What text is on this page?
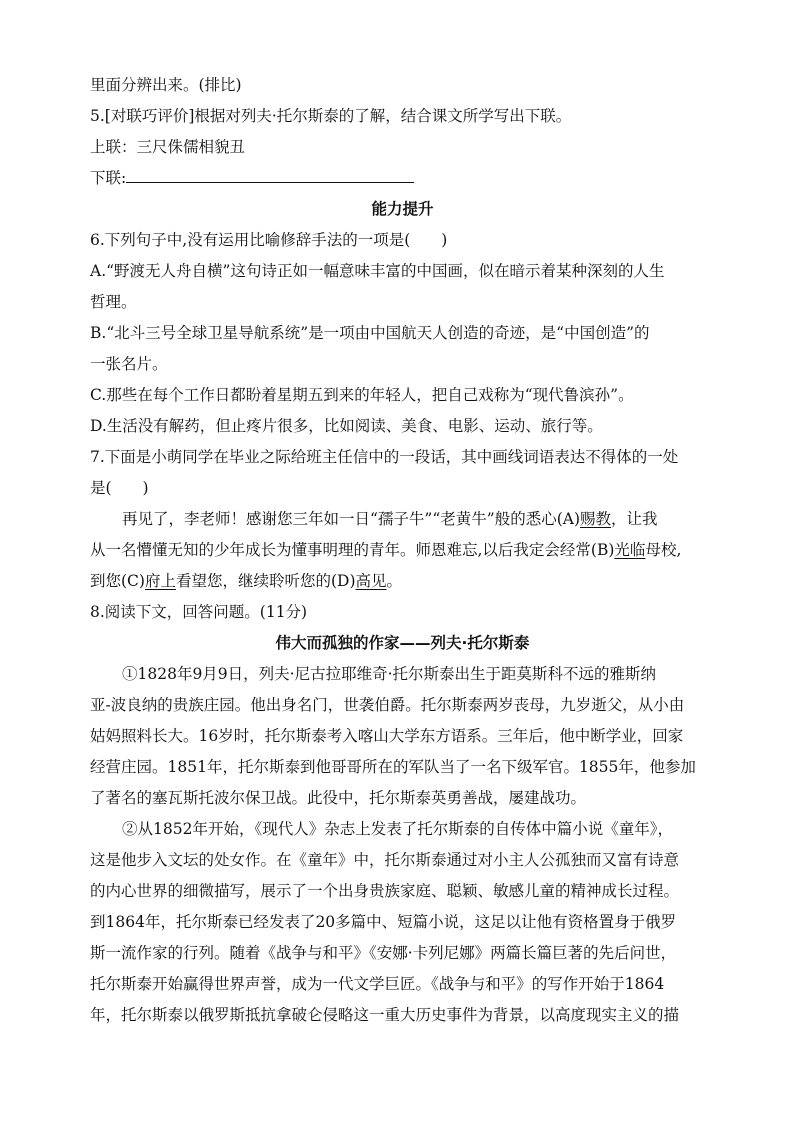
里面分辨出来。(排比)
5.[对联巧评价]根据对列夫·托尔斯泰的了解，结合课文所学写出下联。
上联：三尺侏儒相貌丑
下联:
能力提升
6.下列句子中,没有运用比喻修辞手法的一项是(　　)
A.“野渡无人舟自横”这句诗正如一幅意味丰富的中国画，似在暗示着某种深刻的人生
哲理。
B.“北斗三号全球卫星导航系统”是一项由中国航天人创造的奇迹，是“中国创造”的
一张名片。
C.那些在每个工作日都盼着星期五到来的年轻人，把自己戏称为“现代鲁滨孙”。
D.生活没有解药，但止疼片很多，比如阅读、美食、电影、运动、旅行等。
7.下面是小萌同学在毕业之际给班主任信中的一段话，其中画线词语表达不得体的一处
是(　　)
再见了，李老师！感谢您三年如一日“孺子牛”“老黄牛”般的悉心(A)赐教，让我
从一名懵懂无知的少年成长为懂事明理的青年。师恩难忘,以后我定会经常(B)光临母校,
到您(C)府上看望您，继续聆听您的(D)高见。
8.阅读下文，回答问题。(11分)
伟大而孤独的作家——列夫·托尔斯泰
①1828年9月9日，列夫·尼古拉耶维奇·托尔斯泰出生于距莫斯科不远的雅斯纳
亚-波良纳的贵族庄园。他出身名门，世袭伯爵。托尔斯泰两岁丧母，九岁逝父，从小由
姑妈照料长大。16岁时，托尔斯泰考入喀山大学东方语系。三年后，他中断学业，回家
经营庄园。1851年，托尔斯泰到他哥哥所在的军队当了一名下级军官。1855年，他参加
了著名的塞瓦斯托波尔保卫战。此役中，托尔斯泰英勇善战，屡建战功。
②从1852年开始，《现代人》杂志上发表了托尔斯泰的自传体中篇小说《童年》，
这是他步入文坛的处女作。在《童年》中，托尔斯泰通过对小主人公孤独而又富有诗意
的内心世界的细微描写，展示了一个出身贵族家庭、聪颖、敏感儿童的精神成长过程。
到1864年，托尔斯泰已经发表了20多篇中、短篇小说，这足以让他有资格置身于俄罗
斯一流作家的行列。随着《战争与和平》《安娜·卡列尼娜》两篇长篇巨著的先后问世，
托尔斯泰开始赢得世界声誉，成为一代文学巨匠。《战争与和平》的写作开始于1864
年，托尔斯泰以俄罗斯抵抗拿破仑侵略这一重大历史事件为背景，以高度现实主义的描
